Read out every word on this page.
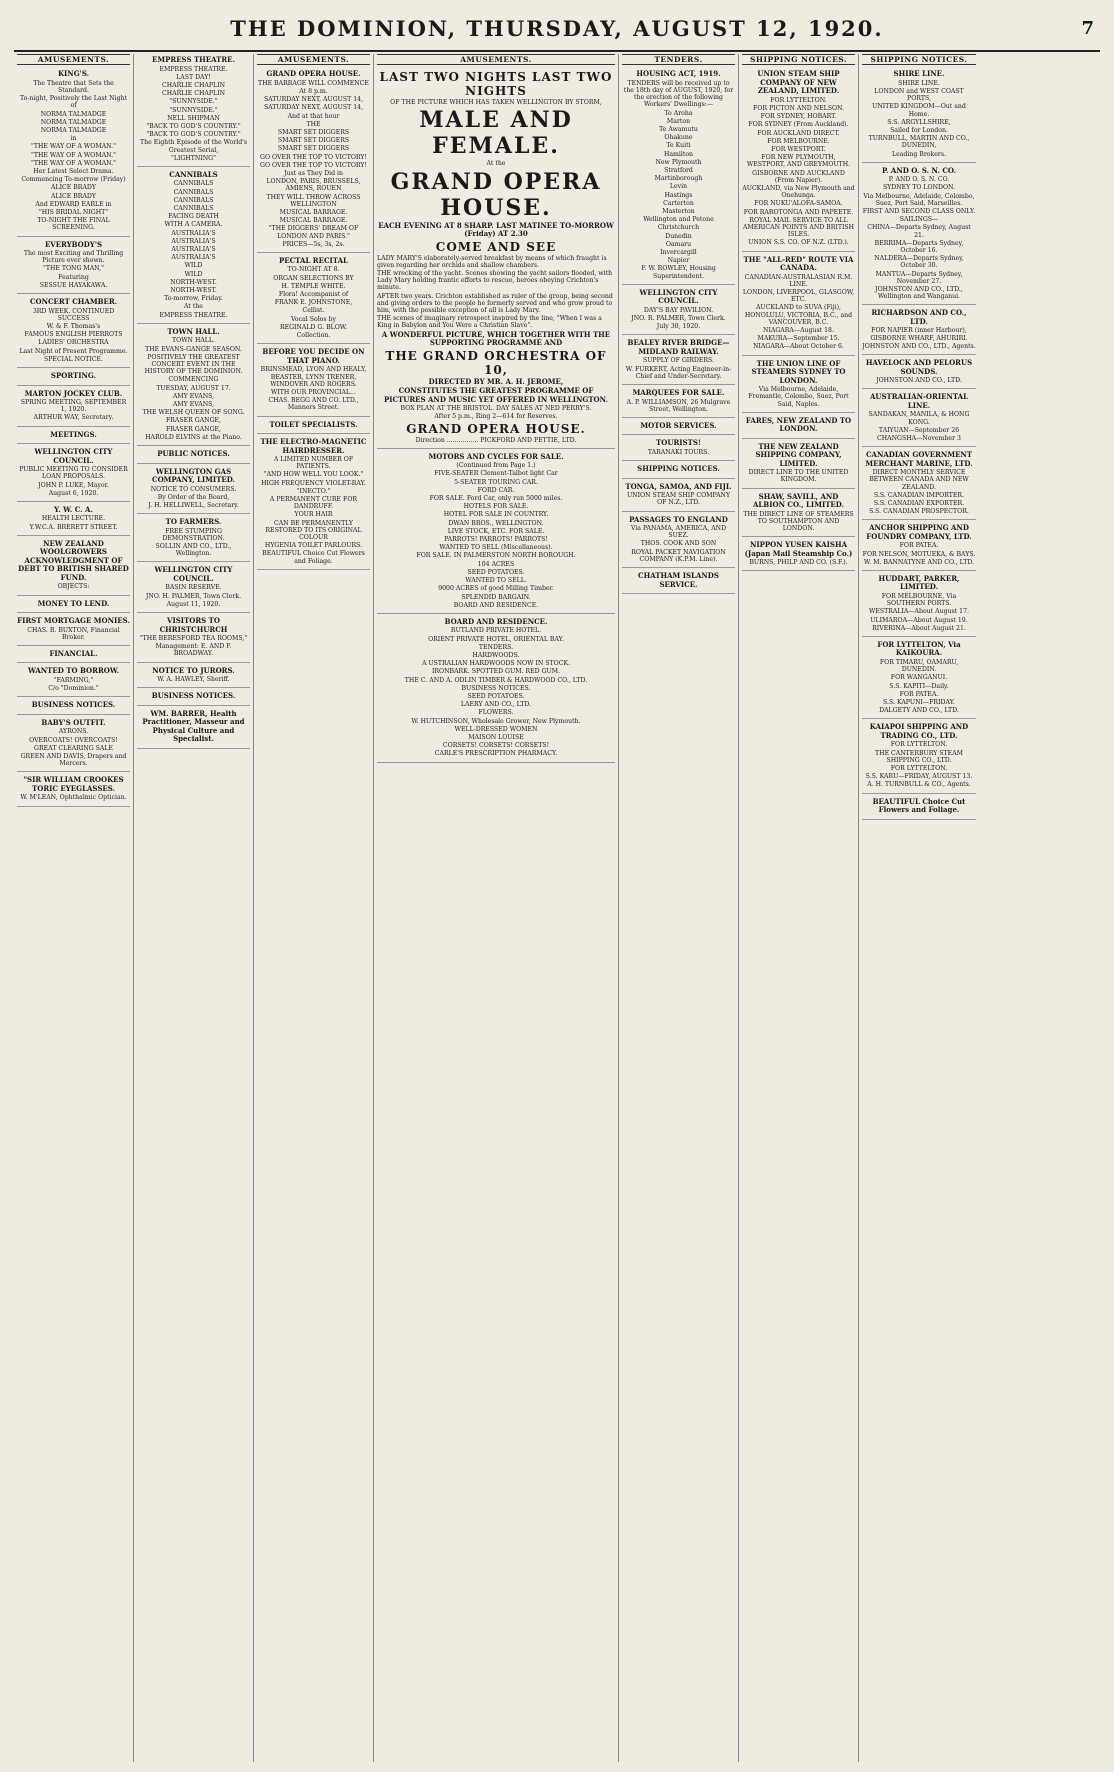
THE DOMINION, THURSDAY, AUGUST 12, 1920.	7
AMUSEMENTS.

KING'S.

The Theatre that Sets the Standard.

To-night, Positively the Last Night of

NORMA TALMADGE

NORMA TALMADGE

NORMA TALMADGE

in

"THE WAY OF A WOMAN."

"THE WAY OF A WOMAN."

"THE WAY OF A WOMAN."

Her Latest Select Drama.

Commencing To-morrow (Friday)

ALICE BRADY

ALICE BRADY

And EDWARD EARLE in

"HIS BRIDAL NIGHT"

TO-NIGHT THE FINAL SCREENING.

EVERYBODY'S

The most Exciting and Thrilling Picture ever shown.

"THE TONG MAN,"

Featuring

SESSUE HAYAKAWA.

CONCERT CHAMBER.

3RD WEEK. CONTINUED SUCCESS

W. & F. Thomas's

FAMOUS ENGLISH PIERROTS

LADIES' ORCHESTRA

Last Night of Present Programme.

SPECIAL NOTICE.

SPORTING.

MARTON JOCKEY CLUB.

SPRING MEETING, SEPTEMBER 1, 1920.

ARTHUR WAY, Secretary.

MEETINGS.

WELLINGTON CITY COUNCIL.

PUBLIC MEETING TO CONSIDER LOAN PROPOSALS.

JOHN P. LUKE, Mayor.

August 6, 1920.

Y. W. C. A.

HEALTH LECTURE.

Y.W.C.A. BRERETT STREET.

NEW ZEALAND WOOLGROWERS ACKNOWLEDGMENT OF DEBT TO BRITISH SHARED FUND.

OBJECTS:

MONEY TO LEND.

FIRST MORTGAGE MONIES.

CHAS. B. BUXTON, Financial Broker.

FINANCIAL.

WANTED TO BORROW.

"FARMING,"

C/o "Dominion."

BUSINESS NOTICES.

BABY'S OUTFIT.

AYRONS.

OVERCOATS! OVERCOATS!

GREAT CLEARING SALE

GREEN AND DAVIS, Drapers and Mercers.

"SIR WILLIAM CROOKES TORIC EYEGLASSES.

W. M'LEAN, Ophthalmic Optician.

EMPRESS THEATRE.

EMPRESS THEATRE.

LAST DAY!

CHARLIE CHAPLIN

CHARLIE CHAPLIN

"SUNNYSIDE."

"SUNNYSIDE."

NELL SHIPMAN

"BACK TO GOD'S COUNTRY."

"BACK TO GOD'S COUNTRY."

The Eighth Episode of the World's Greatest Serial,

"LIGHTNING"

CANNIBALS

CANNIBALS

CANNIBALS

CANNIBALS

CANNIBALS

FACING DEATH

WITH A CAMERA.

AUSTRALIA'S

AUSTRALIA'S

AUSTRALIA'S

AUSTRALIA'S

WILD

WILD

NORTH-WEST.

NORTH-WEST.

To-morrow, Friday.

At the

EMPRESS THEATRE.

TOWN HALL.

TOWN HALL.

THE EVANS-GANGE SEASON.

POSITIVELY THE GREATEST CONCERT EVENT IN THE HISTORY OF THE DOMINION.

COMMENCING

TUESDAY, AUGUST 17.

AMY EVANS,

AMY EVANS,

THE WELSH QUEEN OF SONG.

FRASER GANGE,

FRASER GANGE,

HAROLD ELVINS at the Piano.

PUBLIC NOTICES.

WELLINGTON GAS COMPANY, LIMITED.

NOTICE TO CONSUMERS.

By Order of the Board,

J. H. HELLIWELL, Secretary.

TO FARMERS.

FREE STUMPING DEMONSTRATION.

SOLLIN AND CO., LTD., Wellington.

WELLINGTON CITY COUNCIL.

BASIN RESERVE.

JNO. H. PALMER, Town Clerk.

August 11, 1920.

VISITORS TO CHRISTCHURCH

"THE BERESFORD TEA ROOMS,"

Management: E. AND F. BROADWAY.

NOTICE TO JURORS.

W. A. HAWLEY, Sheriff.

BUSINESS NOTICES.

WM. BARRER, Health Practitioner, Masseur and Physical Culture and Specialist.

AMUSEMENTS.

GRAND OPERA HOUSE.

THE BARRAGE WILL COMMENCE

At 8 p.m.

SATURDAY NEXT, AUGUST 14,

SATURDAY NEXT, AUGUST 14,

And at that hour

THE

SMART SET DIGGERS

SMART SET DIGGERS

SMART SET DIGGERS

GO OVER THE TOP TO VICTORY!

GO OVER THE TOP TO VICTORY!

Just as They Did in

LONDON, PARIS, BRUSSELS, AMIENS, ROUEN

THEY WILL THROW ACROSS WELLINGTON

MUSICAL BARRAGE.

MUSICAL BARRAGE.

"THE DIGGERS' DREAM OF LONDON AND PARIS."

PRICES—5s, 3s, 2s.

PECTAL RECITAL

TO-NIGHT AT 8.

ORGAN SELECTIONS BY

H. TEMPLE WHITE.

Flora! Accompanist of

FRANK E. JOHNSTONE,

Cellist.

Vocal Solos by

REGINALD G. BLOW.

Collection.

BEFORE YOU DECIDE ON THAT PIANO.

BRINSMEAD, LYON AND HEALY, BEASTER, LYNN TRENER, WINDOVER AND ROGERS.

WITH OUR PROVINCIAL...

CHAS. BEGG AND CO. LTD., Manners Street.

TOILET SPECIALISTS.

THE ELECTRO-MAGNETIC HAIRDRESSER.

A LIMITED NUMBER OF PATIENTS.

"AND HOW WELL YOU LOOK."

HIGH FREQUENCY VIOLET-RAY.

"INECTO."

A PERMANENT CURE FOR DANDRUFF.

YOUR HAIR

CAN BE PERMANENTLY RESTORED TO ITS ORIGINAL COLOUR

HYGENIA TOILET PARLOURS.

BEAUTIFUL Choice Cut Flowers and Foliage.

AMUSEMENTS.

LAST TWO NIGHTS LAST TWO NIGHTS

OF THE PICTURE WHICH HAS TAKEN WELLINGTON BY STORM,

MALE AND FEMALE.

At the

GRAND OPERA HOUSE.

EACH EVENING AT 8 SHARP. LAST MATINEE TO-MORROW (Friday) AT 2.30

COME AND SEE

LADY MARY'S elaborately-served breakfast by means of which fraught is given regarding her orchids and shallow chambers.

THE wrecking of the yacht. Scenes showing the yacht sailors flooded, with Lady Mary holding frantic efforts to rescue, heroes obeying Crichton's minute.

AFTER two years. Crichton established as ruler of the group, being second and giving orders to the people he formerly served and who grow proud to him, with the possible exception of all is Lady Mary.

THE scenes of imaginary retrospect inspired by the line, "When I was a King in Babylon and You Were a Christian Slave".

A WONDERFUL PICTURE, WHICH TOGETHER WITH THE SUPPORTING PROGRAMME AND

THE GRAND ORCHESTRA OF 10,

DIRECTED BY MR. A. H. JEROME,

CONSTITUTES THE GREATEST PROGRAMME OF PICTURES AND MUSIC YET OFFERED IN WELLINGTON.

BOX PLAN AT THE BRISTOL. DAY SALES AT NED PERRY'S.

After 5 p.m., Ring 2—614 for Reserves.

GRAND OPERA HOUSE.

Direction ................ PICKFORD AND PETTIE, LTD.

MOTORS AND CYCLES FOR SALE.

(Continued from Page 1.)

FIVE-SEATER Clement-Talbot light Car

5-SEATER TOURING CAR.

FORD CAR.

FOR SALE. Ford Car, only run 5000 miles.

HOTELS FOR SALE.

HOTEL FOR SALE IN COUNTRY.

DWAN BROS., WELLINGTON.

LIVE STOCK, ETC. FOR SALE.

PARROTS! PARROTS! PARROTS!

WANTED TO SELL (Miscellaneous).

FOR SALE. IN PALMERSTON NORTH BOROUGH.

104 ACRES

SEED POTATOES.

WANTED TO SELL.

9000 ACRES of good Milling Timber.

SPLENDID BARGAIN.

BOARD AND RESIDENCE.

BOARD AND RESIDENCE.

RUTLAND PRIVATE HOTEL.

ORIENT PRIVATE HOTEL, ORIENTAL BAY.

TENDERS.

HARDWOODS.

A USTRALIAN HARDWOODS NOW IN STOCK.

IRONBARK. SPOTTED GUM. RED GUM.

THE C. AND A. ODLIN TIMBER & HARDWOOD CO., LTD.

BUSINESS NOTICES.

SEED POTATOES.

LAERY AND CO., LTD.

FLOWERS.

W. HUTCHINSON, Wholesale Grower, New Plymouth.

WELL-DRESSED WOMEN

MAISON LOUISE

CORSETS! CORSETS! CORSETS!

CARLE'S PRESCRIPTION PHARMACY.

TENDERS.

HOUSING ACT, 1919.

TENDERS will be received up to the 18th day of AUGUST, 1920, for the erection of the following Workers' Dwellings:—

To Aroha

Marton

Te Awamutu

Ohakune

Te Kuiti

Hamilton

New Plymouth

Stratford

Martinborough

Levin

Hastings

Carterton

Masterton

Wellington and Petone

Christchurch

Dunedin

Oamaru

Invercargill

Napier

F. W. ROWLEY, Housing Superintendent.

WELLINGTON CITY COUNCIL.

DAY'S BAY PAVILION.

JNO. R. PALMER, Town Clerk.

July 30, 1920.

BEALEY RIVER BRIDGE—MIDLAND RAILWAY.

SUPPLY OF GIRDERS.

W. FURKERT, Acting Engineer-in-Chief and Under-Secretary.

MARQUEES FOR SALE.

A. P. WILLIAMSON, 26 Mulgrave Street, Wellington.

MOTOR SERVICES.

TOURISTS!

TARANAKI TOURS.

SHIPPING NOTICES.

TONGA, SAMOA, AND FIJI.

UNION STEAM SHIP COMPANY OF N.Z., LTD.

PASSAGES TO ENGLAND

Via PANAMA, AMERICA, AND SUEZ.

THOS. COOK AND SON

ROYAL PACKET NAVIGATION COMPANY (K.P.M. Line).

CHATHAM ISLANDS SERVICE.

SHIPPING NOTICES.

UNION STEAM SHIP COMPANY OF NEW ZEALAND, LIMITED.

FOR LYTTELTON.

FOR PICTON AND NELSON.

FOR SYDNEY, HOBART.

FOR SYDNEY (From Auckland).

FOR AUCKLAND DIRECT.

FOR MELBOURNE.

FOR WESTPORT.

FOR NEW PLYMOUTH, WESTPORT, AND GREYMOUTH.

GISBORNE AND AUCKLAND (From Napier).

AUCKLAND, via New Plymouth and Onehunga.

FOR NUKU'ALOFA-SAMOA.

FOR RAROTONGA AND PAPEETE.

ROYAL MAIL SERVICE TO ALL AMERICAN POINTS AND BRITISH ISLES.

UNION S.S. CO. OF N.Z. (LTD.).

THE "ALL-RED" ROUTE VIA CANADA.

CANADIAN-AUSTRALASIAN R.M. LINE.

LONDON, LIVERPOOL, GLASGOW, ETC.

AUCKLAND to SUVA (Fiji), HONOLULU, VICTORIA, B.C., and VANCOUVER, B.C.

NIAGARA—August 18.

MAKURA—September 15.

NIAGARA—About October 6.

THE UNION LINE OF STEAMERS SYDNEY TO LONDON.

Via Melbourne, Adelaide, Fremantle, Colombo, Suez, Port Said, Naples.

FARES, NEW ZEALAND TO LONDON.

THE NEW ZEALAND SHIPPING COMPANY, LIMITED.

DIRECT LINE TO THE UNITED KINGDOM.

SHAW, SAVILL, AND ALBION CO., LIMITED.

THE DIRECT LINE OF STEAMERS TO SOUTHAMPTON AND LONDON.

NIPPON YUSEN KAISHA (Japan Mail Steamship Co.)

BURNS, PHILP AND CO. (S.F.).

SHIPPING NOTICES.

SHIRE LINE.

SHIRE LINE.

LONDON and WEST COAST PORTS,

UNITED KINGDOM—Out and Home.

S.S. ARGYLLSHIRE,

Sailed for London.

TURNBULL, MARTIN AND CO., DUNEDIN,

Leading Brokers.

P. AND O. S. N. CO.

P. AND O. S. N. CO.

SYDNEY TO LONDON.

Via Melbourne, Adelaide, Colombo, Suez, Port Said, Marseilles.

FIRST AND SECOND CLASS ONLY.

SAILINGS—

CHINA—Departs Sydney, August 21.

BERRIMA—Departs Sydney, October 16.

NALDERA—Departs Sydney, October 30.

MANTUA—Departs Sydney, November 27.

JOHNSTON AND CO., LTD., Wellington and Wanganui.

RICHARDSON AND CO., LTD.

FOR NAPIER (inner Harbour), GISBORNE WHARF, AHURIRI.

JOHNSTON AND CO., LTD., Agents.

HAVELOCK AND PELORUS SOUNDS.

JOHNSTON AND CO., LTD.

AUSTRALIAN-ORIENTAL LINE.

SANDAKAN, MANILA, & HONG KONG.

TAIYUAN—September 26

CHANGSHA—November 3

CANADIAN GOVERNMENT MERCHANT MARINE, LTD.

DIRECT MONTHLY SERVICE BETWEEN CANADA AND NEW ZEALAND.

S.S. CANADIAN IMPORTER.

S.S. CANADIAN EXPORTER.

S.S. CANADIAN PROSPECTOR.

ANCHOR SHIPPING AND FOUNDRY COMPANY, LTD.

FOR PATEA.

FOR NELSON, MOTUEKA, & BAYS.

W. M. BANNATYNE AND CO., LTD.

HUDDART, PARKER, LIMITED.

FOR MELBOURNE, Via SOUTHERN PORTS.

WESTRALIA—About August 17.

ULIMAROA—About August 19.

RIVERINA—About August 21.

FOR LYTTELTON, Via KAIKOURA.

FOR TIMARU, OAMARU, DUNEDIN.

FOR WANGANUI.

S.S. KAPITI—Daily.

FOR PATEA.

S.S. KAPUNI—FRIDAY.

DALGETY AND CO., LTD.

KAIAPOI SHIPPING AND TRADING CO., LTD.

FOR LYTTELTON.

THE CANTERBURY STEAM SHIPPING CO., LTD.

FOR LYTTELTON.

S.S. KARU—FRIDAY, AUGUST 13.

A. H. TURNBULL & CO., Agents.

BEAUTIFUL Choice Cut Flowers and Foliage.
